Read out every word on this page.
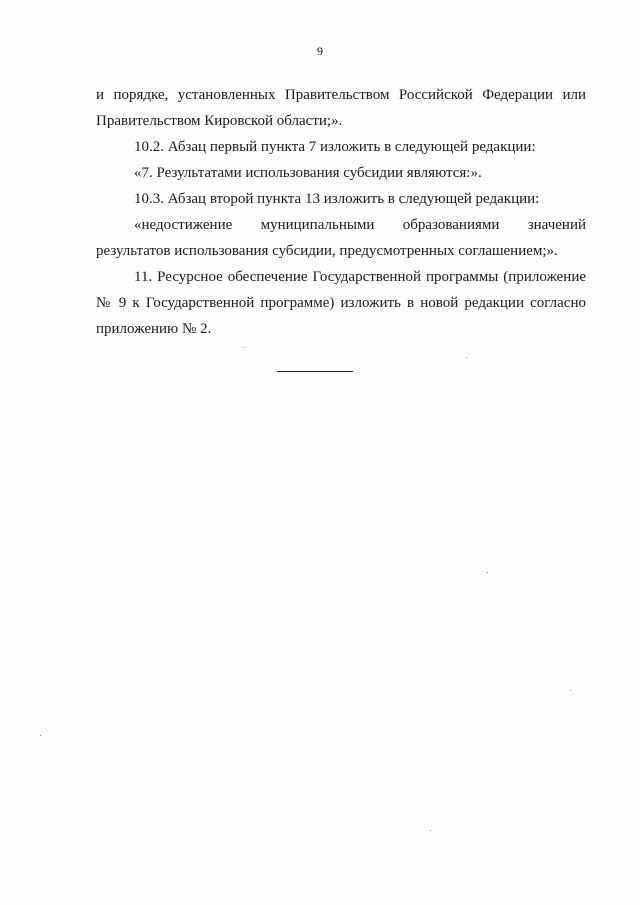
9

и порядке, установленных Правительством Российской Федерации или Правительством Кировской области;».

10.2. Абзац первый пункта 7 изложить в следующей редакции:

«7. Результатами использования субсидии являются:».

10.3. Абзац второй пункта 13 изложить в следующей редакции:

«недостижение муниципальными образованиями значений результатов использования субсидии, предусмотренных соглашением;».

11. Ресурсное обеспечение Государственной программы (приложение № 9 к Государственной программе) изложить в новой редакции согласно приложению № 2.
